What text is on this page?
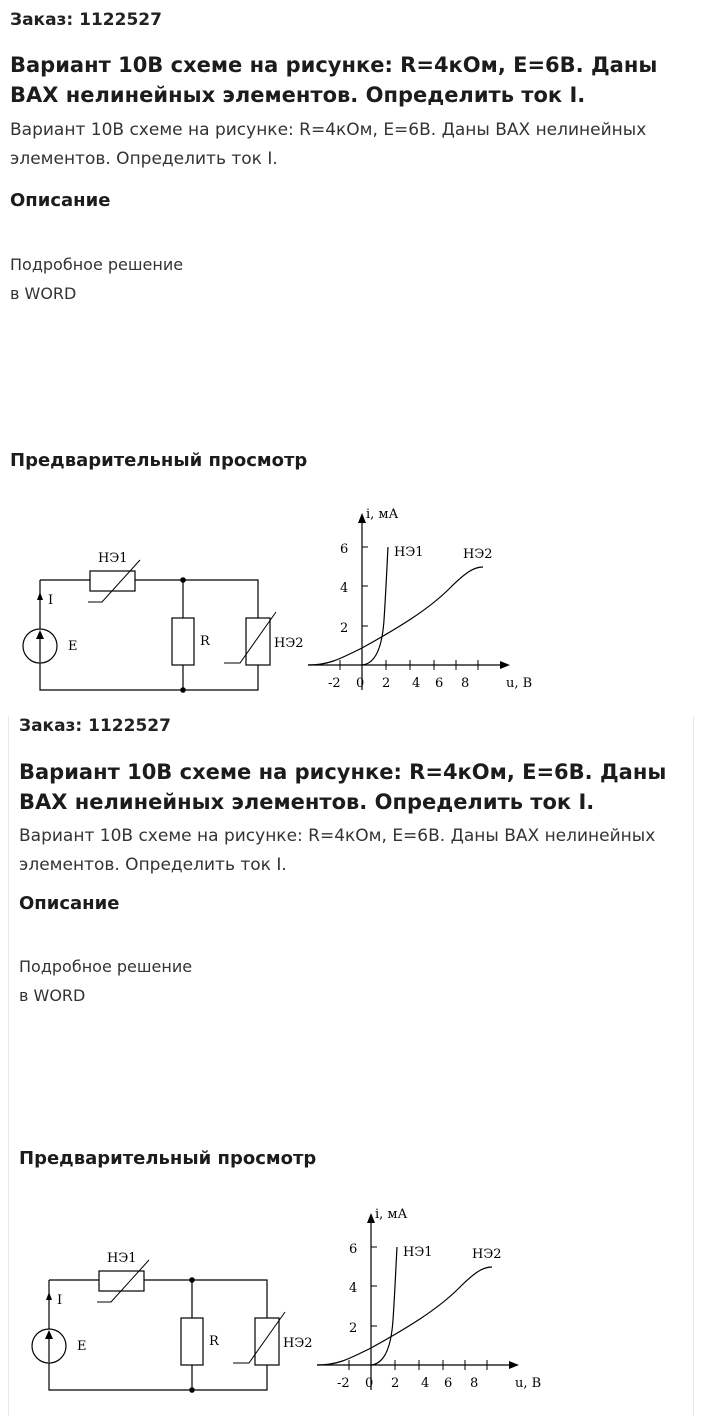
Заказ: 1122527
Вариант 10В схеме на рисунке: R=4кОм, E=6В. Даны ВАХ нелинейных элементов. Определить ток I.

Вариант 10В схеме на рисунке: R=4кОм, E=6В. Даны ВАХ нелинейных элементов. Определить ток I.

Описание

Подробное решение
в WORD

Предварительный просмотр
НЭ1
I
E	R	НЭ2
i, мА
u, В
6
4
2
-2 0 2 4 6 8
НЭ1	НЭ2
Заказ: 1122527
Вариант 10В схеме на рисунке: R=4кОм, E=6В. Даны ВАХ нелинейных элементов. Определить ток I.

Вариант 10В схеме на рисунке: R=4кОм, E=6В. Даны ВАХ нелинейных элементов. Определить ток I.

Описание

Подробное решение
в WORD

Предварительный просмотр
НЭ1
I
E	R	НЭ2
i, мА
u, В
6
4
2
-2 0 2 4 6 8
НЭ1	НЭ2
